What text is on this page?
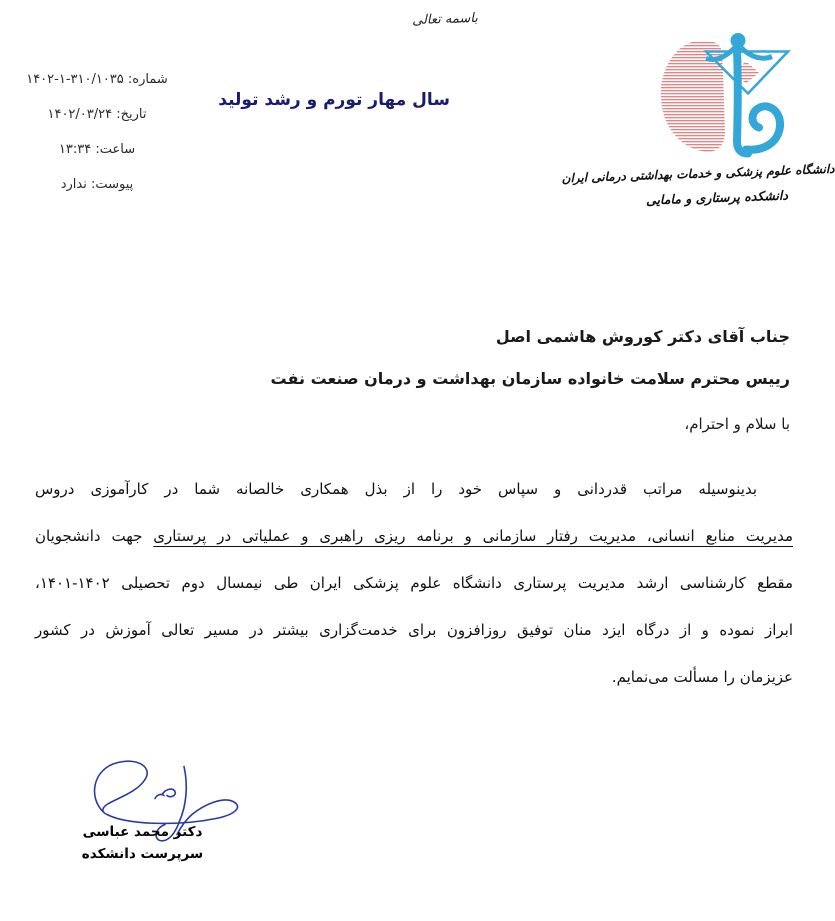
باسمه تعالی
شماره: ۱۴۰۲-۱-۳۱۰/۱۰۳۵
تاریخ: ۱۴۰۲/۰۳/۲۴
ساعت: ۱۳:۳۴
پیوست: ندارد
سال مهار تورم و رشد تولید
دانشگاه علوم پزشکی و خدمات بهداشتی درمانی ایران
دانشکده پرستاری و مامایی
جناب آقای دکتر کوروش هاشمی اصل
رییس محترم سلامت خانواده سازمان بهداشت و درمان صنعت نفت
با سلام و احترام،
بدینوسیله مراتب قدردانی و سپاس خود را از بذل همکاری خالصانه شما در کارآموزی دروس
مدیریت منابع انسانی، مدیریت رفتار سازمانی و برنامه ریزی راهبری و عملیاتی در پرستاری جهت دانشجویان
مقطع کارشناسی ارشد مدیریت پرستاری دانشگاه علوم پزشکی ایران طی نیمسال دوم تحصیلی ۱۴۰۲-۱۴۰۱،
ابراز نموده و از درگاه ایزد منان توفیق روزافزون برای خدمت‌گزاری بیشتر در مسیر تعالی آموزش در کشور
عزیزمان را مسألت می‌نمایم.
دکتر محمد عباسی
سرپرست دانشکده
